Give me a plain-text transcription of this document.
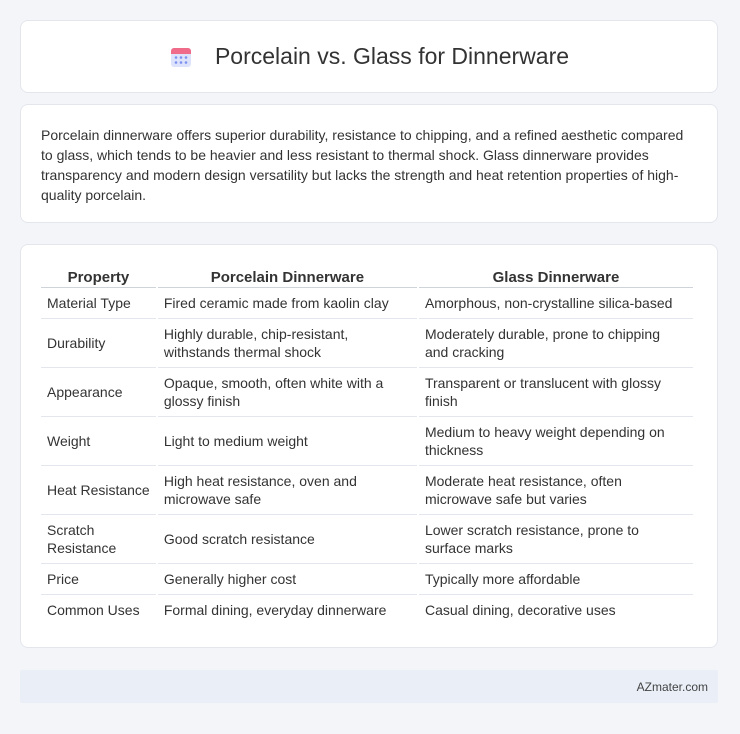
Porcelain vs. Glass for Dinnerware

Porcelain dinnerware offers superior durability, resistance to chipping, and a refined aesthetic compared to glass, which tends to be heavier and less resistant to thermal shock. Glass dinnerware provides transparency and modern design versatility but lacks the strength and heat retention properties of high-quality porcelain.

Property	Porcelain Dinnerware	Glass Dinnerware
Material Type	Fired ceramic made from kaolin clay	Amorphous, non-crystalline silica-based
Durability	Highly durable, chip-resistant, withstands thermal shock	Moderately durable, prone to chipping and cracking
Appearance	Opaque, smooth, often white with a glossy finish	Transparent or translucent with glossy finish
Weight	Light to medium weight	Medium to heavy weight depending on thickness
Heat Resistance	High heat resistance, oven and microwave safe	Moderate heat resistance, often microwave safe but varies
Scratch Resistance	Good scratch resistance	Lower scratch resistance, prone to surface marks
Price	Generally higher cost	Typically more affordable
Common Uses	Formal dining, everyday dinnerware	Casual dining, decorative uses
AZmater.com
